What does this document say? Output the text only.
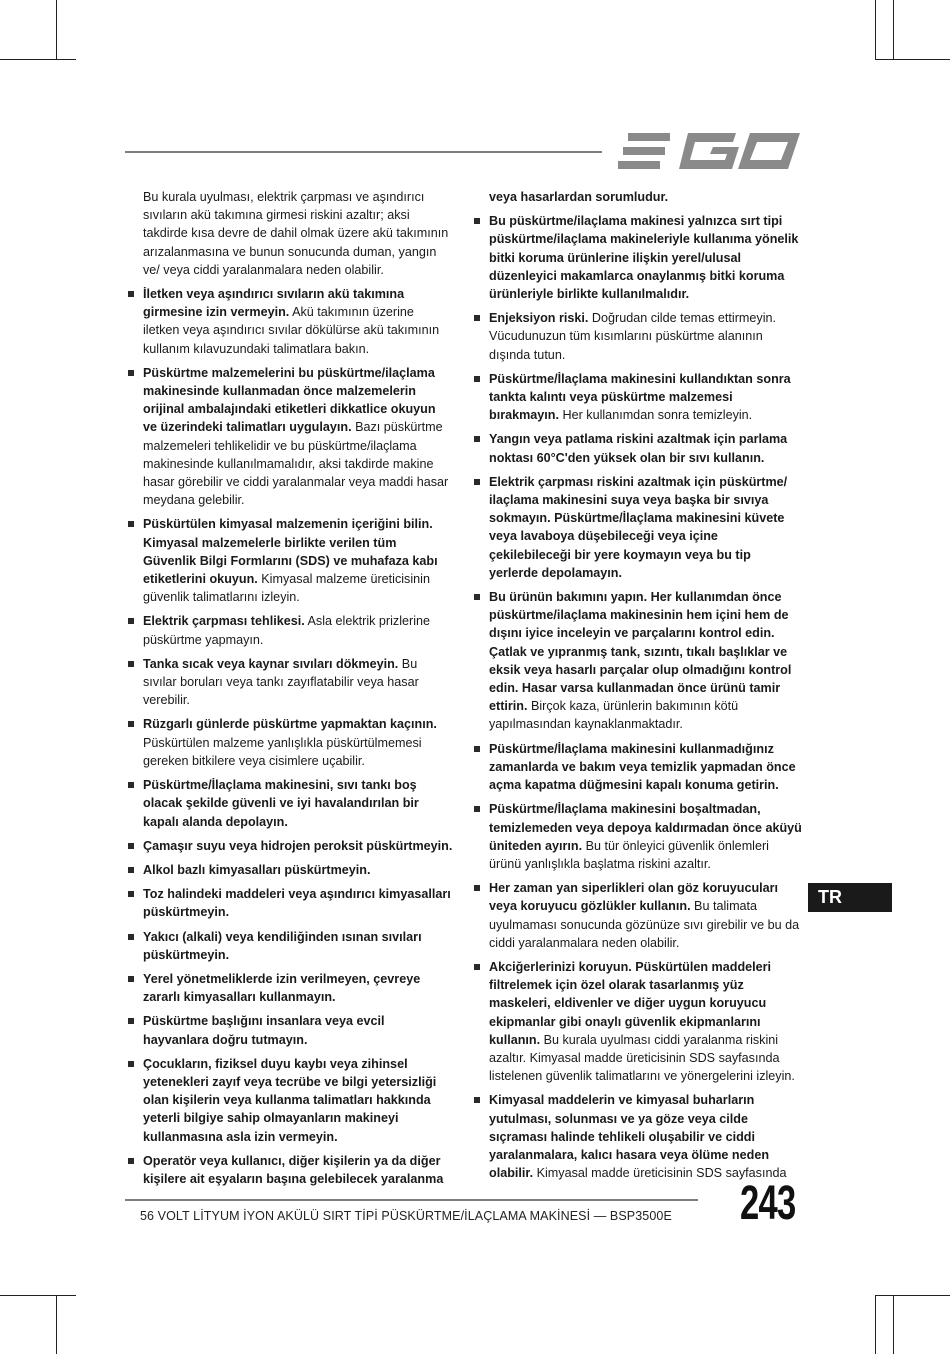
Bu kurala uyulması, elektrik çarpması ve aşındırıcı sıvıların akü takımına girmesi riskini azaltır; aksi takdirde kısa devre de dahil olmak üzere akü takımının arızalanmasına ve bunun sonucunda duman, yangın ve/ veya ciddi yaralanmalara neden olabilir.
İletken veya aşındırıcı sıvıların akü takımına girmesine izin vermeyin. Akü takımının üzerine iletken veya aşındırıcı sıvılar dökülürse akü takımının kullanım kılavuzundaki talimatlara bakın.
Püskürtme malzemelerini bu püskürtme/ilaçlama makinesinde kullanmadan önce malzemelerin orijinal ambalajındaki etiketleri dikkatlice okuyun ve üzerindeki talimatları uygulayın. Bazı püskürtme malzemeleri tehlikelidir ve bu püskürtme/ilaçlama makinesinde kullanılmamalıdır, aksi takdirde makine hasar görebilir ve ciddi yaralanmalar veya maddi hasar meydana gelebilir.
Püskürtülen kimyasal malzemenin içeriğini bilin. Kimyasal malzemelerle birlikte verilen tüm Güvenlik Bilgi Formlarını (SDS) ve muhafaza kabı etiketlerini okuyun. Kimyasal malzeme üreticisinin güvenlik talimatlarını izleyin.
Elektrik çarpması tehlikesi. Asla elektrik prizlerine püskürtme yapmayın.
Tanka sıcak veya kaynar sıvıları dökmeyin. Bu sıvılar boruları veya tankı zayıflatabilir veya hasar verebilir.
Rüzgarlı günlerde püskürtme yapmaktan kaçının. Püskürtülen malzeme yanlışlıkla püskürtülmemesi gereken bitkilere veya cisimlere uçabilir.
Püskürtme/İlaçlama makinesini, sıvı tankı boş olacak şekilde güvenli ve iyi havalandırılan bir kapalı alanda depolayın.
Çamaşır suyu veya hidrojen peroksit püskürtmeyin.
Alkol bazlı kimyasalları püskürtmeyin.
Toz halindeki maddeleri veya aşındırıcı kimyasalları püskürtmeyin.
Yakıcı (alkali) veya kendiliğinden ısınan sıvıları püskürtmeyin.
Yerel yönetmeliklerde izin verilmeyen, çevreye zararlı kimyasalları kullanmayın.
Püskürtme başlığını insanlara veya evcil hayvanlara doğru tutmayın.
Çocukların, fiziksel duyu kaybı veya zihinsel yetenekleri zayıf veya tecrübe ve bilgi yetersizliği olan kişilerin veya kullanma talimatları hakkında yeterli bilgiye sahip olmayanların makineyi kullanmasına asla izin vermeyin.
Operatör veya kullanıcı, diğer kişilerin ya da diğer kişilere ait eşyaların başına gelebilecek yaralanma
veya hasarlardan sorumludur.
Bu püskürtme/ilaçlama makinesi yalnızca sırt tipi püskürtme/ilaçlama makineleriyle kullanıma yönelik bitki koruma ürünlerine ilişkin yerel/ulusal düzenleyici makamlarca onaylanmış bitki koruma ürünleriyle birlikte kullanılmalıdır.
Enjeksiyon riski. Doğrudan cilde temas ettirmeyin. Vücudunuzun tüm kısımlarını püskürtme alanının dışında tutun.
Püskürtme/İlaçlama makinesini kullandıktan sonra tankta kalıntı veya püskürtme malzemesi bırakmayın. Her kullanımdan sonra temizleyin.
Yangın veya patlama riskini azaltmak için parlama noktası 60°C'den yüksek olan bir sıvı kullanın.
Elektrik çarpması riskini azaltmak için püskürtme/ ilaçlama makinesini suya veya başka bir sıvıya sokmayın. Püskürtme/İlaçlama makinesini küvete veya lavaboya düşebileceği veya içine çekilebileceği bir yere koymayın veya bu tip yerlerde depolamayın.
Bu ürünün bakımını yapın. Her kullanımdan önce püskürtme/ilaçlama makinesinin hem içini hem de dışını iyice inceleyin ve parçalarını kontrol edin. Çatlak ve yıpranmış tank, sızıntı, tıkalı başlıklar ve eksik veya hasarlı parçalar olup olmadığını kontrol edin. Hasar varsa kullanmadan önce ürünü tamir ettirin. Birçok kaza, ürünlerin bakımının kötü yapılmasından kaynaklanmaktadır.
Püskürtme/İlaçlama makinesini kullanmadığınız zamanlarda ve bakım veya temizlik yapmadan önce açma kapatma düğmesini kapalı konuma getirin.
Püskürtme/İlaçlama makinesini boşaltmadan, temizlemeden veya depoya kaldırmadan önce aküyü üniteden ayırın. Bu tür önleyici güvenlik önlemleri ürünü yanlışlıkla başlatma riskini azaltır.
Her zaman yan siperlikleri olan göz koruyucuları veya koruyucu gözlükler kullanın. Bu talimata uyulmaması sonucunda gözünüze sıvı girebilir ve bu da ciddi yaralanmalara neden olabilir.
Akciğerlerinizi koruyun. Püskürtülen maddeleri filtrelemek için özel olarak tasarlanmış yüz maskeleri, eldivenler ve diğer uygun koruyucu ekipmanlar gibi onaylı güvenlik ekipmanlarını kullanın. Bu kurala uyulması ciddi yaralanma riskini azaltır. Kimyasal madde üreticisinin SDS sayfasında listelenen güvenlik talimatlarını ve yönergelerini izleyin.
Kimyasal maddelerin ve kimyasal buharların yutulması, solunması ve ya göze veya cilde sıçraması halinde tehlikeli oluşabilir ve ciddi yaralanmalara, kalıcı hasara veya ölüme neden olabilir. Kimyasal madde üreticisinin SDS sayfasında
TR
56 VOLT LİTYUM İYON AKÜLÜ SIRT TİPİ PÜSKÜRTME/İLAÇLAMA MAKİNESİ — BSP3500E 243
